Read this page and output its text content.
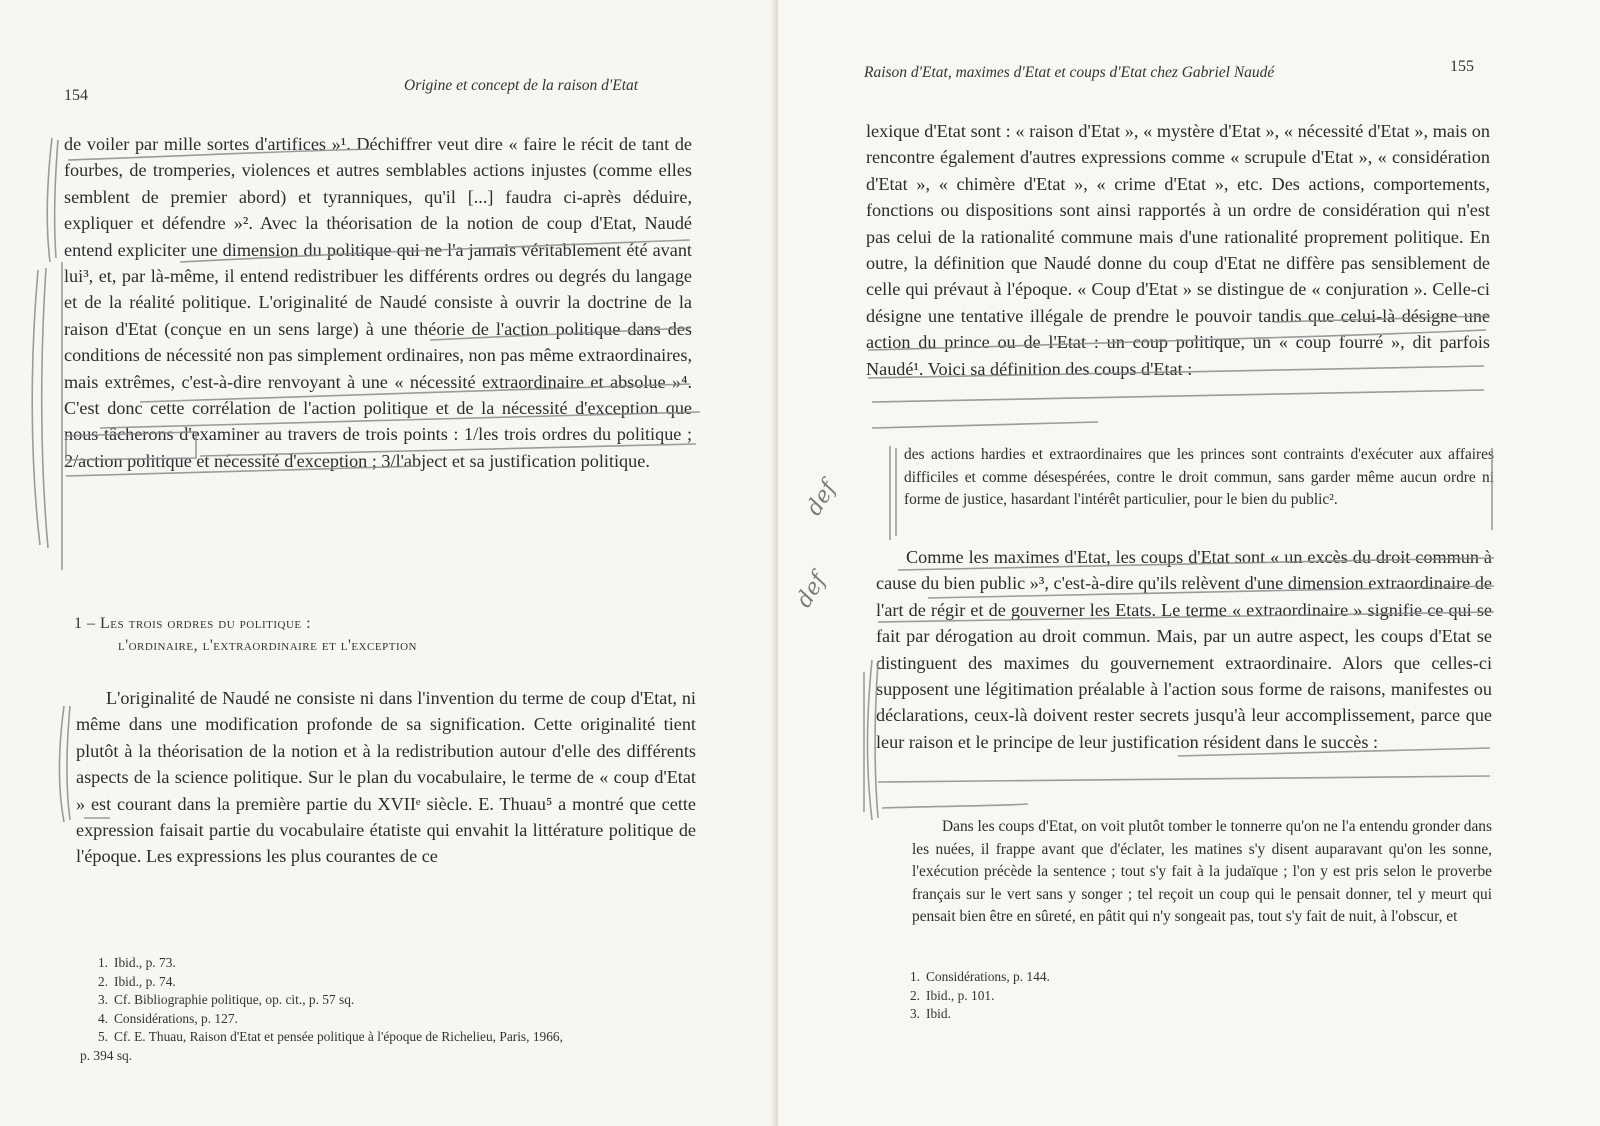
154
Origine et concept de la raison d'Etat

de voiler par mille sortes d'artifices »¹. Déchiffrer veut dire « faire le récit de tant de fourbes, de tromperies, violences et autres semblables actions injustes (comme elles semblent de premier abord) et tyranniques, qu'il [...] faudra ci-après déduire, expliquer et défendre »². Avec la théorisation de la notion de coup d'Etat, Naudé entend expliciter une dimension du politique qui ne l'a jamais véritablement été avant lui³, et, par là-même, il entend redistribuer les différents ordres ou degrés du langage et de la réalité politique. L'originalité de Naudé consiste à ouvrir la doctrine de la raison d'Etat (conçue en un sens large) à une théorie de l'action politique dans des conditions de nécessité non pas simplement ordinaires, non pas même extraordinaires, mais extrêmes, c'est-à-dire renvoyant à une « nécessité extraordinaire et absolue »⁴. C'est donc cette corrélation de l'action politique et de la nécessité d'exception que nous tâcherons d'examiner au travers de trois points : 1/les trois ordres du politique ; 2/action politique et nécessité d'exception ; 3/l'abject et sa justification politique.

1 – Les trois ordres du politique :
l'ordinaire, l'extraordinaire et l'exception

L'originalité de Naudé ne consiste ni dans l'invention du terme de coup d'Etat, ni même dans une modification profonde de sa signification. Cette originalité tient plutôt à la théorisation de la notion et à la redistribution autour d'elle des différents aspects de la science politique. Sur le plan du vocabulaire, le terme de « coup d'Etat » est courant dans la première partie du XVIIᵉ siècle. E. Thuau⁵ a montré que cette expression faisait partie du vocabulaire étatiste qui envahit la littérature politique de l'époque. Les expressions les plus courantes de ce

1. Ibid., p. 73.
2. Ibid., p. 74.
3. Cf. Bibliographie politique, op. cit., p. 57 sq.
4. Considérations, p. 127.
5. Cf. E. Thuau, Raison d'Etat et pensée politique à l'époque de Richelieu, Paris, 1966,
p. 394 sq.
Raison d'Etat, maximes d'Etat et coups d'Etat chez Gabriel Naudé	155

lexique d'Etat sont : « raison d'Etat », « mystère d'Etat », « nécessité d'Etat », mais on rencontre également d'autres expressions comme « scrupule d'Etat », « considération d'Etat », « chimère d'Etat », « crime d'Etat », etc. Des actions, comportements, fonctions ou dispositions sont ainsi rapportés à un ordre de considération qui n'est pas celui de la rationalité commune mais d'une rationalité proprement politique. En outre, la définition que Naudé donne du coup d'Etat ne diffère pas sensiblement de celle qui prévaut à l'époque. « Coup d'Etat » se distingue de « conjuration ». Celle-ci désigne une tentative illégale de prendre le pouvoir tandis que celui-là désigne une action du prince ou de l'Etat : un coup politique, un « coup fourré », dit parfois Naudé¹. Voici sa définition des coups d'Etat :

des actions hardies et extraordinaires que les princes sont contraints d'exécuter aux affaires difficiles et comme désespérées, contre le droit commun, sans garder même aucun ordre ni forme de justice, hasardant l'intérêt particulier, pour le bien du public².

Comme les maximes d'Etat, les coups d'Etat sont « un excès du droit commun à cause du bien public »³, c'est-à-dire qu'ils relèvent d'une dimension extraordinaire de l'art de régir et de gouverner les Etats. Le terme « extraordinaire » signifie ce qui se fait par dérogation au droit commun. Mais, par un autre aspect, les coups d'Etat se distinguent des maximes du gouvernement extraordinaire. Alors que celles-ci supposent une légitimation préalable à l'action sous forme de raisons, manifestes ou déclarations, ceux-là doivent rester secrets jusqu'à leur accomplissement, parce que leur raison et le principe de leur justification résident dans le succès :

Dans les coups d'Etat, on voit plutôt tomber le tonnerre qu'on ne l'a entendu gronder dans les nuées, il frappe avant que d'éclater, les matines s'y disent auparavant qu'on les sonne, l'exécution précède la sentence ; tout s'y fait à la judaïque ; l'on y est pris selon le proverbe français sur le vert sans y songer ; tel reçoit un coup qui le pensait donner, tel y meurt qui pensait bien être en sûreté, en pâtit qui n'y songeait pas, tout s'y fait de nuit, à l'obscur, et

1. Considérations, p. 144.
2. Ibid., p. 101.
3. Ibid.
def
def
